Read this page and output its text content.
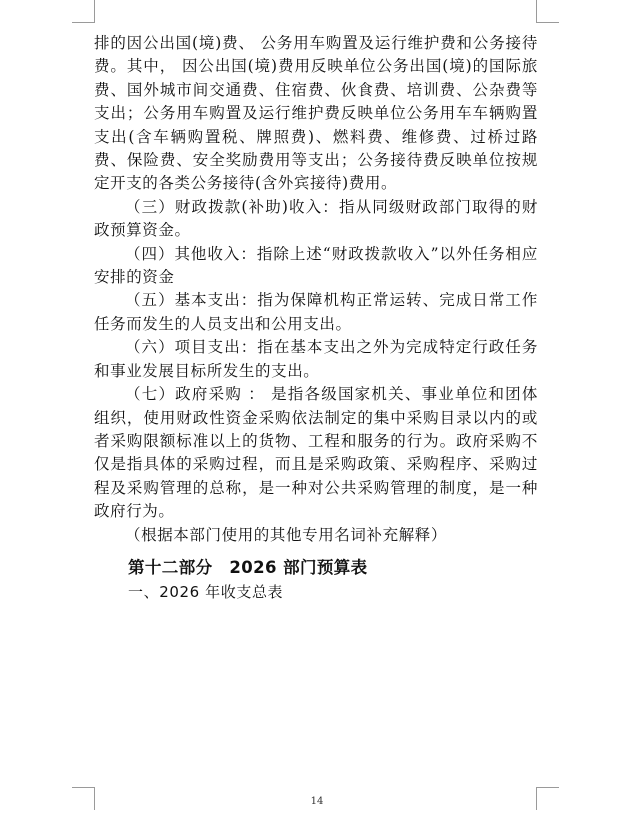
排的因公出国(境)费、 公务用车购置及运行维护费和公务接待费。其中， 因公出国(境)费用反映单位公务出国(境)的国际旅费、国外城市间交通费、住宿费、伙食费、培训费、公杂费等支出；公务用车购置及运行维护费反映单位公务用车车辆购置支出(含车辆购置税、牌照费)、燃料费、维修费、过桥过路费、保险费、安全奖励费用等支出；公务接待费反映单位按规定开支的各类公务接待(含外宾接待)费用。

（三）财政拨款(补助)收入：指从同级财政部门取得的财政预算资金。

（四）其他收入：指除上述“财政拨款收入”以外任务相应安排的资金

（五）基本支出：指为保障机构正常运转、完成日常工作任务而发生的人员支出和公用支出。

（六）项目支出：指在基本支出之外为完成特定行政任务和事业发展目标所发生的支出。

（七）政府采购 ： 是指各级国家机关、事业单位和团体组织，使用财政性资金采购依法制定的集中采购目录以内的或者采购限额标准以上的货物、工程和服务的行为。政府采购不仅是指具体的采购过程，而且是采购政策、采购程序、采购过程及采购管理的总称，是一种对公共采购管理的制度，是一种政府行为。

（根据本部门使用的其他专用名词补充解释）

第十二部分　2026 部门预算表

一、2026 年收支总表

14
